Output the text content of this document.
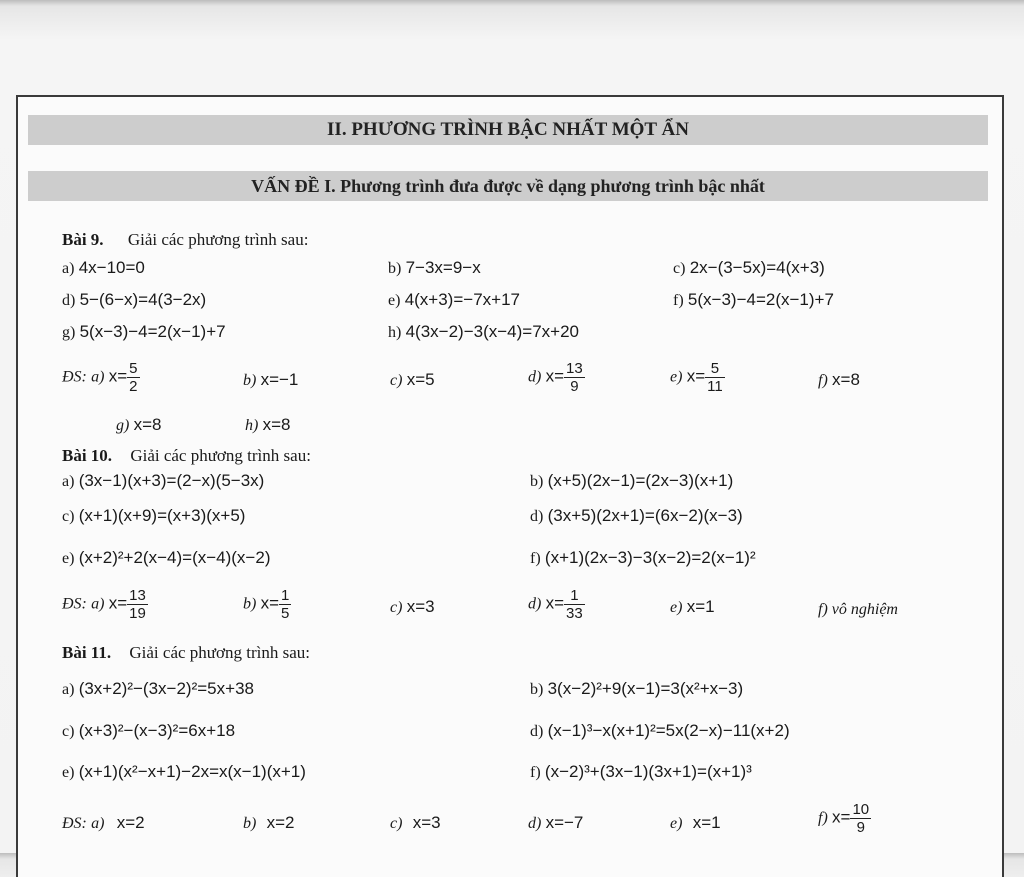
II. PHƯƠNG TRÌNH BẬC NHẤT MỘT ẨN
VẤN ĐỀ I. Phương trình đưa được về dạng phương trình bậc nhất
Bài 9. Giải các phương trình sau:
a) 4x−10=0	b) 7−3x=9−x	c) 2x−(3−5x)=4(x+3)
d) 5−(6−x)=4(3−2x)	e) 4(x+3)=−7x+17	f) 5(x−3)−4=2(x−1)+7
g) 5(x−3)−4=2(x−1)+7	h) 4(3x−2)−3(x−4)=7x+20
ĐS: a) $x= \frac{5}{2}$	b) x=−1	c) x=5	d) $x= \frac{13}{9}$	e) $x= \frac{5}{11}$	f) x=8
g) x=8	h) x=8
Bài 10. Giải các phương trình sau:
a) (3x−1)(x+3)=(2−x)(5−3x)	b) (x+5)(2x−1)=(2x−3)(x+1)
c) (x+1)(x+9)=(x+3)(x+5)	d) (3x+5)(2x+1)=(6x−2)(x−3)
e) (x+2)²+2(x−4)=(x−4)(x−2)	f) (x+1)(2x−3)−3(x−2)=2(x−1)²
ĐS: a) $x= \frac{13}{19}$	b) $x= \frac{1}{5}$	c) x=3	d) $x= \frac{1}{33}$	e) x=1	f) vô nghiệm
Bài 11. Giải các phương trình sau:
a) (3x+2)²−(3x−2)²=5x+38	b) 3(x−2)²+9(x−1)=3(x²+x−3)
c) (x+3)²−(x−3)²=6x+18	d) (x−1)³−x(x+1)²=5x(2−x)−11(x+2)
e) (x+1)(x²−x+1)−2x=x(x−1)(x+1)	f) (x−2)³+(3x−1)(3x+1)=(x+1)³
ĐS: a) x=2	b) x=2	c) x=3	d) x=−7	e) x=1	f) $x= \frac{10}{9}$
